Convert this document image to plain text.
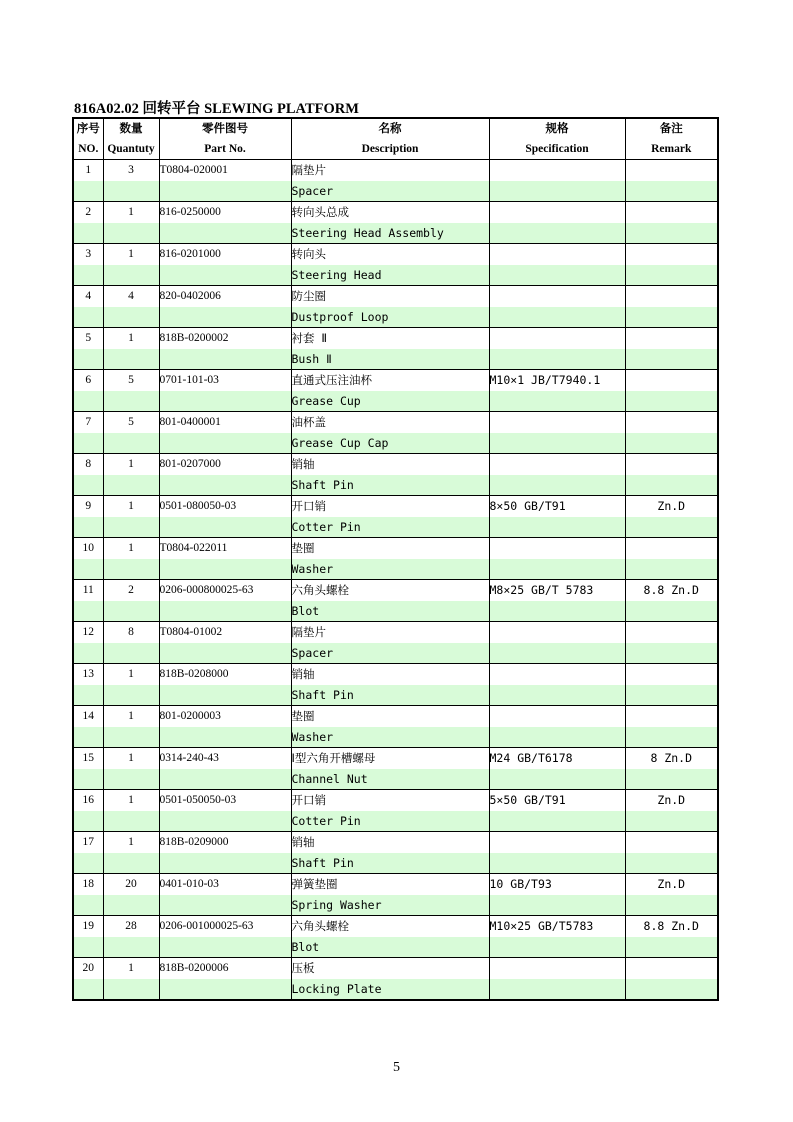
816A02.02 回转平台 SLEWING PLATFORM
序号	数量	零件图号	名称	规格	备注
NO.	Quantuty	Part No.	Description	Specification	Remark
1	3	T0804-020001	隔垫片		
			Spacer		
2	1	816-0250000	转向头总成		
			Steering Head Assembly		
3	1	816-0201000	转向头		
			Steering Head		
4	4	820-0402006	防尘圈		
			Dustproof Loop		
5	1	818B-0200002	衬套 Ⅱ		
			Bush Ⅱ		
6	5	0701-101-03	直通式压注油杯	M10×1 JB/T7940.1	
			Grease Cup		
7	5	801-0400001	油杯盖		
			Grease Cup Cap		
8	1	801-0207000	销轴		
			Shaft Pin		
9	1	0501-080050-03	开口销	8×50 GB/T91	Zn.D
			Cotter Pin		
10	1	T0804-022011	垫圈		
			Washer		
11	2	0206-000800025-63	六角头螺栓	M8×25 GB/T 5783	8.8 Zn.D
			Blot		
12	8	T0804-01002	隔垫片		
			Spacer		
13	1	818B-0208000	销轴		
			Shaft Pin		
14	1	801-0200003	垫圈		
			Washer		
15	1	0314-240-43	Ⅰ型六角开槽螺母	M24 GB/T6178	8 Zn.D
			Channel Nut		
16	1	0501-050050-03	开口销	5×50 GB/T91	Zn.D
			Cotter Pin		
17	1	818B-0209000	销轴		
			Shaft Pin		
18	20	0401-010-03	弹簧垫圈	10 GB/T93	Zn.D
			Spring Washer		
19	28	0206-001000025-63	六角头螺栓	M10×25 GB/T5783	8.8 Zn.D
			Blot		
20	1	818B-0200006	压板		
			Locking Plate		
5
